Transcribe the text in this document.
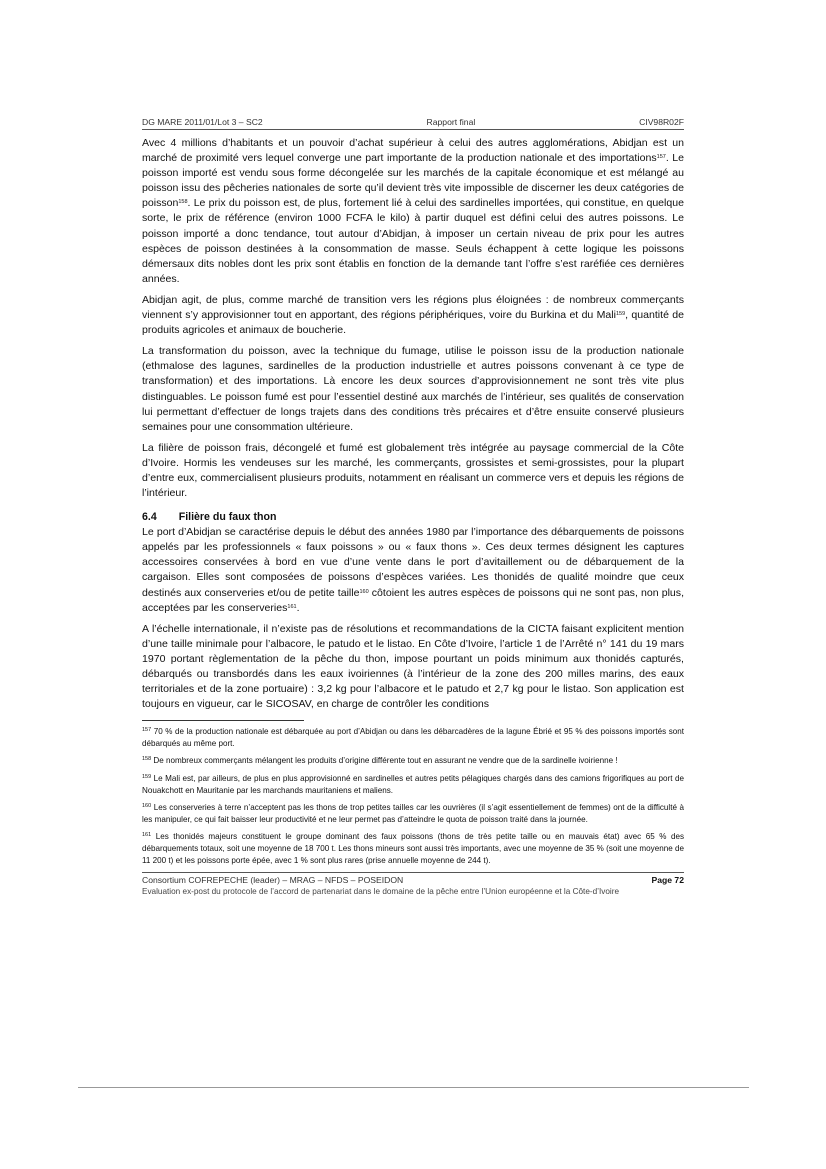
DG MARE 2011/01/Lot 3 – SC2	Rapport final	CIV98R02F

Avec 4 millions d’habitants et un pouvoir d’achat supérieur à celui des autres agglomérations, Abidjan est un marché de proximité vers lequel converge une part importante de la production nationale et des importations$^{157}$. Le poisson importé est vendu sous forme décongelée sur les marchés de la capitale économique et est mélangé au poisson issu des pêcheries nationales de sorte qu’il devient très vite impossible de discerner les deux catégories de poisson$^{158}$. Le prix du poisson est, de plus, fortement lié à celui des sardinelles importées, qui constitue, en quelque sorte, le prix de référence (environ 1000 FCFA le kilo) à partir duquel est défini celui des autres poissons. Le poisson importé a donc tendance, tout autour d’Abidjan, à imposer un certain niveau de prix pour les autres espèces de poisson destinées à la consommation de masse. Seuls échappent à cette logique les poissons démersaux dits nobles dont les prix sont établis en fonction de la demande tant l’offre s’est raréfiée ces dernières années.

Abidjan agit, de plus, comme marché de transition vers les régions plus éloignées : de nombreux commerçants viennent s’y approvisionner tout en apportant, des régions périphériques, voire du Burkina et du Mali$^{159}$, quantité de produits agricoles et animaux de boucherie.

La transformation du poisson, avec la technique du fumage, utilise le poisson issu de la production nationale (ethmalose des lagunes, sardinelles de la production industrielle et autres poissons convenant à ce type de transformation) et des importations. Là encore les deux sources d’approvisionnement ne sont très vite plus distinguables. Le poisson fumé est pour l’essentiel destiné aux marchés de l’intérieur, ses qualités de conservation lui permettant d’effectuer de longs trajets dans des conditions très précaires et d’être ensuite conservé plusieurs semaines pour une consommation ultérieure.

La filière de poisson frais, décongelé et fumé est globalement très intégrée au paysage commercial de la Côte d’Ivoire. Hormis les vendeuses sur les marché, les commerçants, grossistes et semi-grossistes, pour la plupart d’entre eux, commercialisent plusieurs produits, notamment en réalisant un commerce vers et depuis les régions de l’intérieur.

6.4 Filière du faux thon

Le port d’Abidjan se caractérise depuis le début des années 1980 par l’importance des débarquements de poissons appelés par les professionnels « faux poissons » ou « faux thons ». Ces deux termes désignent les captures accessoires conservées à bord en vue d’une vente dans le port d’avitaillement ou de débarquement de la cargaison. Elles sont composées de poissons d’espèces variées. Les thonidés de qualité moindre que ceux destinés aux conserveries et/ou de petite taille$^{160}$ côtoient les autres espèces de poissons qui ne sont pas, non plus, acceptées par les conserveries$^{161}$.

A l’échelle internationale, il n’existe pas de résolutions et recommandations de la CICTA faisant explicitent mention d’une taille minimale pour l’albacore, le patudo et le listao. En Côte d’Ivoire, l’article 1 de l’Arrêté n° 141 du 19 mars 1970 portant règlementation de la pêche du thon, impose pourtant un poids minimum aux thonidés capturés, débarqués ou transbordés dans les eaux ivoiriennes (à l’intérieur de la zone des 200 milles marins, des eaux territoriales et de la zone portuaire) : 3,2 kg pour l’albacore et le patudo et 2,7 kg pour le listao. Son application est toujours en vigueur, car le SICOSAV, en charge de contrôler les conditions

$^{157}$ 70 % de la production nationale est débarquée au port d’Abidjan ou dans les débarcadères de la lagune Ébrié et 95 % des poissons importés sont débarqués au même port.

$^{158}$ De nombreux commerçants mélangent les produits d’origine différente tout en assurant ne vendre que de la sardinelle ivoirienne !

$^{159}$ Le Mali est, par ailleurs, de plus en plus approvisionné en sardinelles et autres petits pélagiques chargés dans des camions frigorifiques au port de Nouakchott en Mauritanie par les marchands mauritaniens et maliens.

$^{160}$ Les conserveries à terre n’acceptent pas les thons de trop petites tailles car les ouvrières (il s’agit essentiellement de femmes) ont de la difficulté à les manipuler, ce qui fait baisser leur productivité et ne leur permet pas d’atteindre le quota de poisson traité dans la journée.

$^{161}$ Les thonidés majeurs constituent le groupe dominant des faux poissons (thons de très petite taille ou en mauvais état) avec 65 % des débarquements totaux, soit une moyenne de 18 700 t. Les thons mineurs sont aussi très importants, avec une moyenne de 35 % (soit une moyenne de 11 200 t) et les poissons porte épée, avec 1 % sont plus rares (prise annuelle moyenne de 244 t).

Consortium COFREPECHE (leader) – MRAG – NFDS – POSEIDON	Page 72
Evaluation ex-post du protocole de l’accord de partenariat dans le domaine de la pêche entre l’Union européenne et la Côte-d’Ivoire
